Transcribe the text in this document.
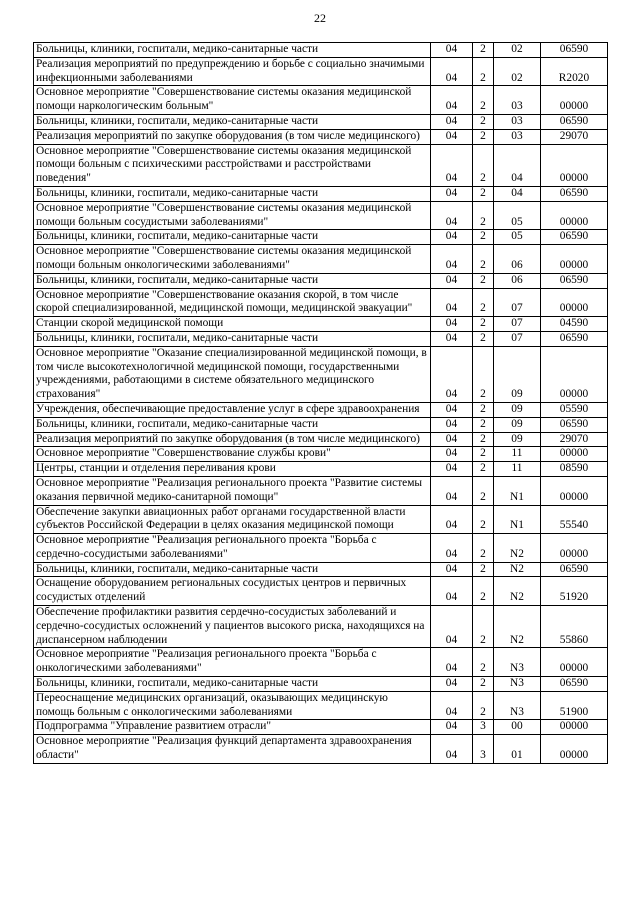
22
Больницы, клиники, госпитали, медико-санитарные части	04	2	02	06590
Реализация мероприятий по предупреждению и борьбе с социально значимыми инфекционными заболеваниями	04	2	02	R2020
Основное мероприятие "Совершенствование системы оказания медицинской помощи наркологическим больным"	04	2	03	00000
Больницы, клиники, госпитали, медико-санитарные части	04	2	03	06590
Реализация мероприятий по закупке оборудования (в том числе медицинского)	04	2	03	29070
Основное мероприятие "Совершенствование системы оказания медицинской помощи больным с психическими расстройствами и расстройствами поведения"	04	2	04	00000
Больницы, клиники, госпитали, медико-санитарные части	04	2	04	06590
Основное мероприятие "Совершенствование системы оказания медицинской помощи больным сосудистыми заболеваниями"	04	2	05	00000
Больницы, клиники, госпитали, медико-санитарные части	04	2	05	06590
Основное мероприятие "Совершенствование системы оказания медицинской помощи больным онкологическими заболеваниями"	04	2	06	00000
Больницы, клиники, госпитали, медико-санитарные части	04	2	06	06590
Основное мероприятие "Совершенствование оказания скорой, в том числе скорой специализированной, медицинской помощи, медицинской эвакуации"	04	2	07	00000
Станции скорой медицинской помощи	04	2	07	04590
Больницы, клиники, госпитали, медико-санитарные части	04	2	07	06590
Основное мероприятие "Оказание специализированной медицинской помощи, в том числе высокотехнологичной медицинской помощи, государственными учреждениями, работающими в системе обязательного медицинского страхования"	04	2	09	00000
Учреждения, обеспечивающие предоставление услуг в сфере здравоохранения	04	2	09	05590
Больницы, клиники, госпитали, медико-санитарные части	04	2	09	06590
Реализация мероприятий по закупке оборудования (в том числе медицинского)	04	2	09	29070
Основное мероприятие "Совершенствование службы крови"	04	2	11	00000
Центры, станции и отделения переливания крови	04	2	11	08590
Основное мероприятие "Реализация регионального проекта "Развитие системы оказания первичной медико-санитарной помощи"	04	2	N1	00000
Обеспечение закупки авиационных работ органами государственной власти субъектов Российской Федерации в целях оказания медицинской помощи	04	2	N1	55540
Основное мероприятие "Реализация регионального проекта "Борьба с сердечно-сосудистыми заболеваниями"	04	2	N2	00000
Больницы, клиники, госпитали, медико-санитарные части	04	2	N2	06590
Оснащение оборудованием региональных сосудистых центров и первичных сосудистых отделений	04	2	N2	51920
Обеспечение профилактики развития сердечно-сосудистых заболеваний и сердечно-сосудистых осложнений у пациентов высокого риска, находящихся на диспансерном наблюдении	04	2	N2	55860
Основное мероприятие "Реализация регионального проекта "Борьба с онкологическими заболеваниями"	04	2	N3	00000
Больницы, клиники, госпитали, медико-санитарные части	04	2	N3	06590
Переоснащение медицинских организаций, оказывающих медицинскую помощь больным с онкологическими заболеваниями	04	2	N3	51900
Подпрограмма "Управление развитием отрасли"	04	3	00	00000
Основное мероприятие "Реализация функций департамента здравоохранения области"	04	3	01	00000
